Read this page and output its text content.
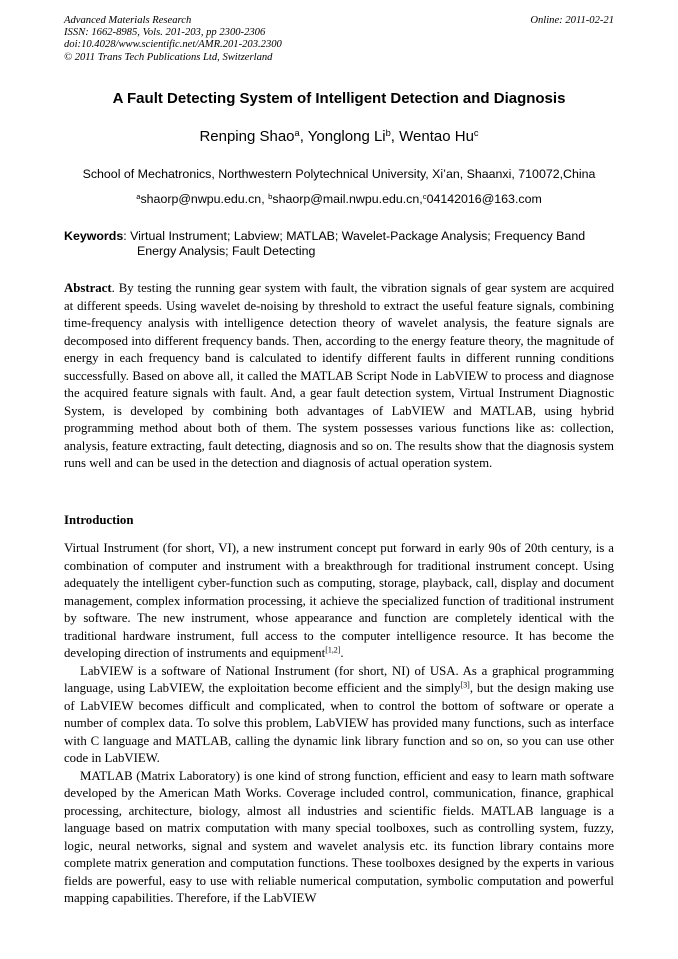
Advanced Materials Research
ISSN: 1662-8985, Vols. 201-203, pp 2300-2306
doi:10.4028/www.scientific.net/AMR.201-203.2300
© 2011 Trans Tech Publications Ltd, Switzerland
Online: 2011-02-21
A Fault Detecting System of Intelligent Detection and Diagnosis
Renping Shao$^a$, Yonglong Li$^b$, Wentao Hu$^c$
School of Mechatronics, Northwestern Polytechnical University, Xi’an, Shaanxi, 710072,China
$^a$shaorp@nwpu.edu.cn, $^b$shaorp@mail.nwpu.edu.cn,$^c$04142016@163.com
Keywords: Virtual Instrument; Labview; MATLAB; Wavelet-Package Analysis; Frequency Band
Energy Analysis; Fault Detecting
Abstract. By testing the running gear system with fault, the vibration signals of gear system are acquired at different speeds. Using wavelet de-noising by threshold to extract the useful feature signals, combining time-frequency analysis with intelligence detection theory of wavelet analysis, the feature signals are decomposed into different frequency bands. Then, according to the energy feature theory, the magnitude of energy in each frequency band is calculated to identify different faults in different running conditions successfully. Based on above all, it called the MATLAB Script Node in LabVIEW to process and diagnose the acquired feature signals with fault. And, a gear fault detection system, Virtual Instrument Diagnostic System, is developed by combining both advantages of LabVIEW and MATLAB, using hybrid programming method about both of them. The system possesses various functions like as: collection, analysis, feature extracting, fault detecting, diagnosis and so on. The results show that the diagnosis system runs well and can be used in the detection and diagnosis of actual operation system.
Introduction

Virtual Instrument (for short, VI), a new instrument concept put forward in early 90s of 20th century, is a combination of computer and instrument with a breakthrough for traditional instrument concept. Using adequately the intelligent cyber-function such as computing, storage, playback, call, display and document management, complex information processing, it achieve the specialized function of traditional instrument by software. The new instrument, whose appearance and function are completely identical with the traditional hardware instrument, full access to the computer intelligence resource. It has become the developing direction of instruments and equipment[1,2].

LabVIEW is a software of National Instrument (for short, NI) of USA. As a graphical programming language, using LabVIEW, the exploitation become efficient and the simply[3], but the design making use of LabVIEW becomes difficult and complicated, when to control the bottom of software or operate a number of complex data. To solve this problem, LabVIEW has provided many functions, such as interface with C language and MATLAB, calling the dynamic link library function and so on, so you can use other code in LabVIEW.

MATLAB (Matrix Laboratory) is one kind of strong function, efficient and easy to learn math software developed by the American Math Works. Coverage included control, communication, finance, graphical processing, architecture, biology, almost all industries and scientific fields. MATLAB language is a language based on matrix computation with many special toolboxes, such as controlling system, fuzzy, logic, neural networks, signal and system and wavelet analysis etc. its function library contains more complete matrix generation and computation functions. These toolboxes designed by the experts in various fields are powerful, easy to use with reliable numerical computation, symbolic computation and powerful mapping capabilities. Therefore, if the LabVIEW
